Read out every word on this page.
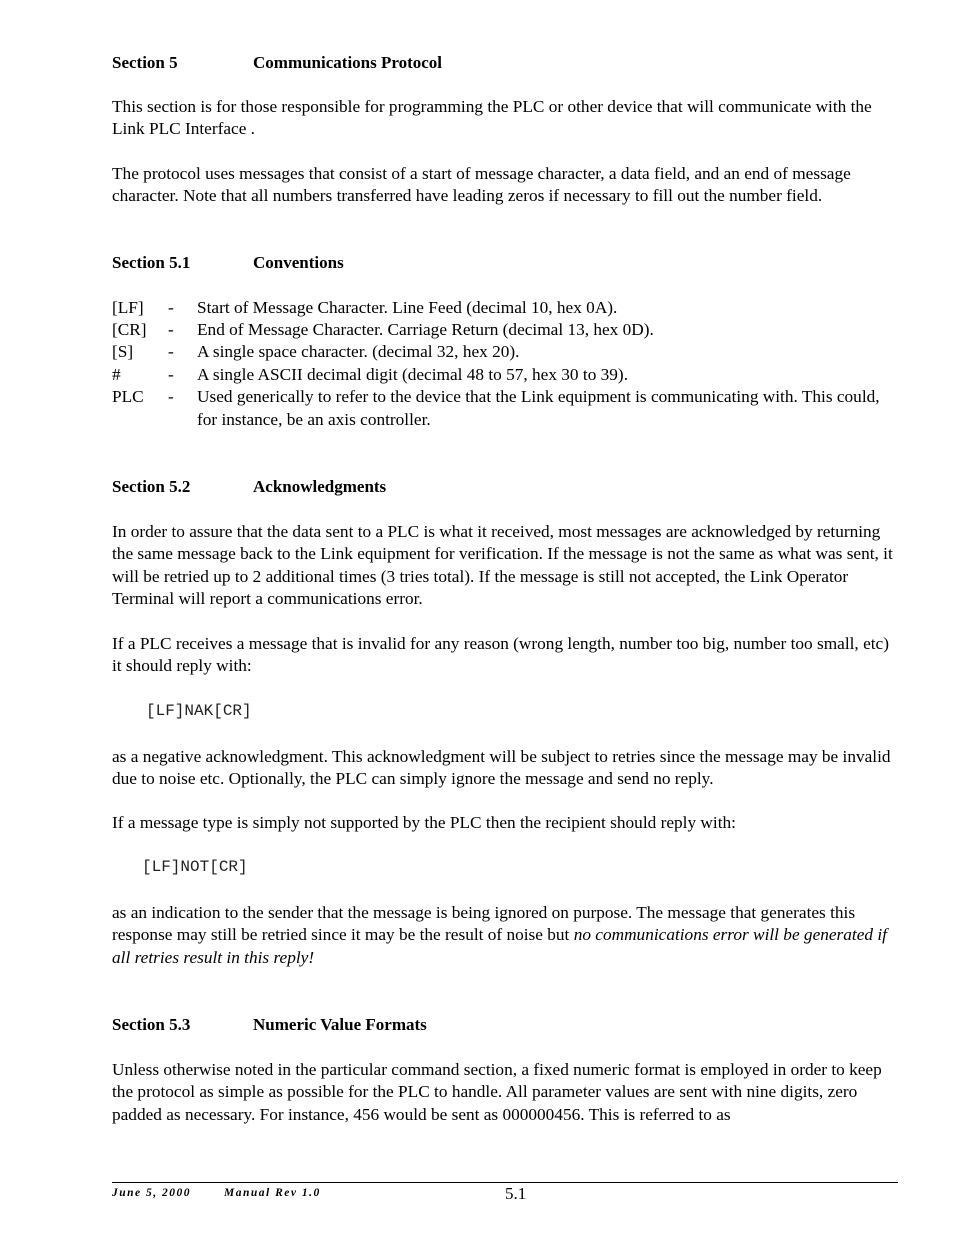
Section 5	Communications Protocol

This section is for those responsible for programming the PLC or other device that will communicate with the Link PLC Interface .

The protocol uses messages that consist of a start of message character, a data field, and an end of message character. Note that all numbers transferred have leading zeros if necessary to fill out the number field.

Section 5.1	Conventions
[LF] - Start of Message Character. Line Feed (decimal 10, hex 0A).
[CR] - End of Message Character. Carriage Return (decimal 13, hex 0D).
[S] - A single space character. (decimal 32, hex 20).
#	- A single ASCII decimal digit (decimal 48 to 57, hex 30 to 39).
PLC - Used generically to refer to the device that the Link equipment is communicating with. This could, for instance, be an axis controller.
Section 5.2	Acknowledgments

In order to assure that the data sent to a PLC is what it received, most messages are acknowledged by returning the same message back to the Link equipment for verification. If the message is not the same as what was sent, it will be retried up to 2 additional times (3 tries total). If the message is still not accepted, the Link Operator Terminal will report a communications error.

If a PLC receives a message that is invalid for any reason (wrong length, number too big, number too small, etc) it should reply with:

[LF]NAK[CR]

as a negative acknowledgment. This acknowledgment will be subject to retries since the message may be invalid due to noise etc. Optionally, the PLC can simply ignore the message and send no reply.

If a message type is simply not supported by the PLC then the recipient should reply with:

[LF]NOT[CR]

as an indication to the sender that the message is being ignored on purpose. The message that generates this response may still be retried since it may be the result of noise but no communications error will be generated if all retries result in this reply!

Section 5.3	Numeric Value Formats

Unless otherwise noted in the particular command section, a fixed numeric format is employed in order to keep the protocol as simple as possible for the PLC to handle. All parameter values are sent with nine digits, zero padded as necessary. For instance, 456 would be sent as 000000456. This is referred to as

June 5, 2000	Manual Rev 1.0	5.1
